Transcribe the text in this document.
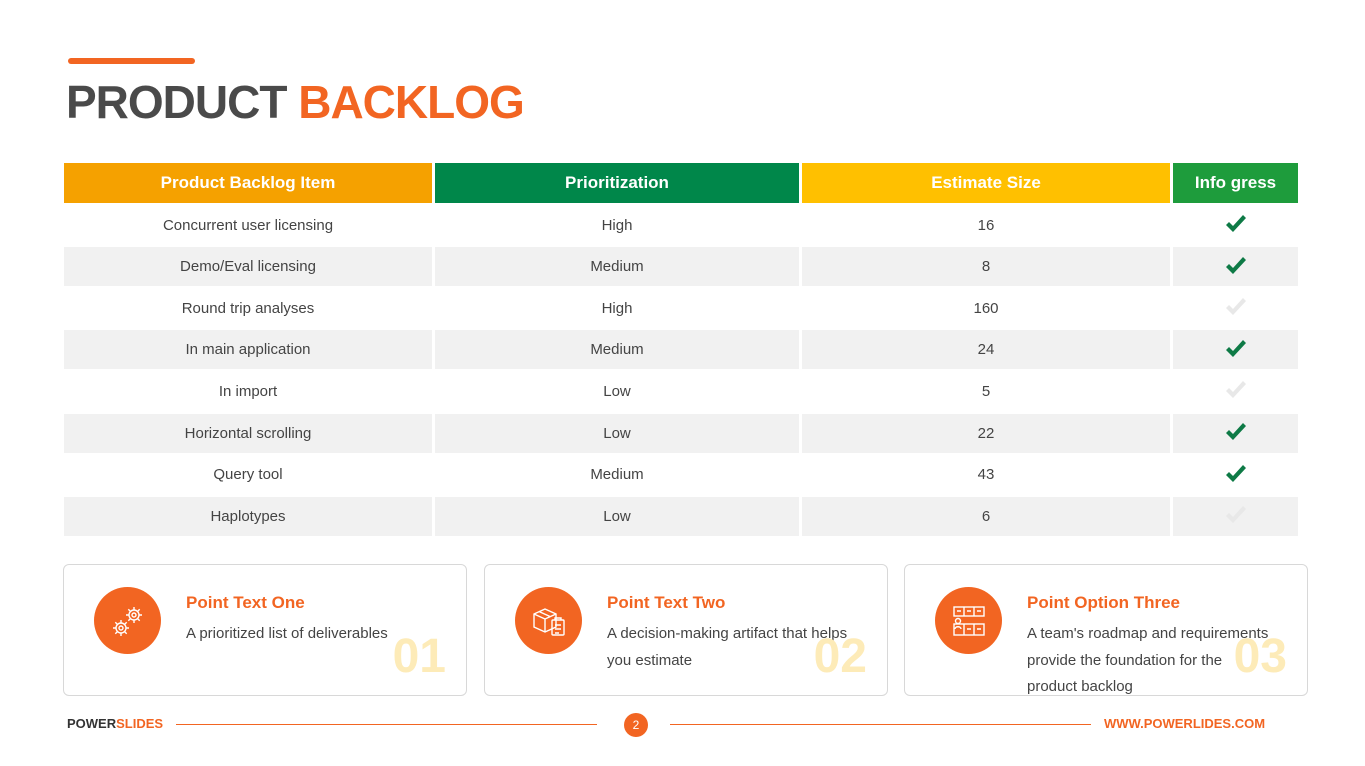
PRODUCT BACKLOG
Product Backlog Item	Prioritization	Estimate Size	Info gress
Concurrent user licensing	High	16
Demo/Eval licensing	Medium	8
Round trip analyses	High	160
In main application	Medium	24
In import	Low	5
Horizontal scrolling	Low	22
Query tool	Medium	43
Haplotypes	Low	6
Point Text One
A prioritized list of deliverables 01
Point Text Two
A decision-making artifact that helps you estimate	02
Point Option Three
A team's roadmap and requirements provide the foundation for the product backlog
03
POWERSLIDES	2	WWW.POWERLIDES.COM
